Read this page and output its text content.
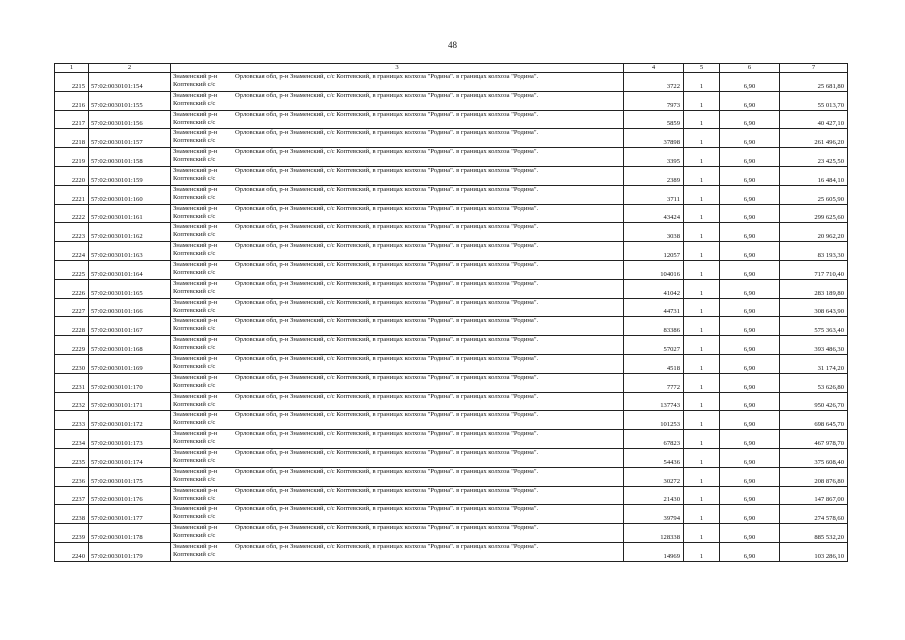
48
1	2	3	4	5	6	7
2215	57:02:0030101:154	Знаменский р-н Орловская обл, р-н Знаменский, с/с Коптевский, в границах колхоза "Родина". в границах колхоза "Родина".
Коптевский с/с	3722	1	6,90	25 681,80
2216	57:02:0030101:155	Знаменский р-н Орловская обл, р-н Знаменский, с/с Коптевский, в границах колхоза "Родина". в границах колхоза "Родина".
Коптевский с/с	7973	1	6,90	55 013,70
2217	57:02:0030101:156	Знаменский р-н Орловская обл, р-н Знаменский, с/с Коптевский, в границах колхоза "Родина". в границах колхоза "Родина".
Коптевский с/с	5859	1	6,90	40 427,10
2218	57:02:0030101:157	Знаменский р-н Орловская обл, р-н Знаменский, с/с Коптевский, в границах колхоза "Родина". в границах колхоза "Родина".
Коптевский с/с	37898	1	6,90	261 496,20
2219	57:02:0030101:158	Знаменский р-н Орловская обл, р-н Знаменский, с/с Коптевский, в границах колхоза "Родина". в границах колхоза "Родина".
Коптевский с/с	3395	1	6,90	23 425,50
2220	57:02:0030101:159	Знаменский р-н Орловская обл, р-н Знаменский, с/с Коптевский, в границах колхоза "Родина". в границах колхоза "Родина".
Коптевский с/с	2389	1	6,90	16 484,10
2221	57:02:0030101:160	Знаменский р-н Орловская обл, р-н Знаменский, с/с Коптевский, в границах колхоза "Родина". в границах колхоза "Родина".
Коптевский с/с	3711	1	6,90	25 605,90
2222	57:02:0030101:161	Знаменский р-н Орловская обл, р-н Знаменский, с/с Коптевский, в границах колхоза "Родина". в границах колхоза "Родина".
Коптевский с/с	43424	1	6,90	299 625,60
2223	57:02:0030101:162	Знаменский р-н Орловская обл, р-н Знаменский, с/с Коптевский, в границах колхоза "Родина". в границах колхоза "Родина".
Коптевский с/с	3038	1	6,90	20 962,20
2224	57:02:0030101:163	Знаменский р-н Орловская обл, р-н Знаменский, с/с Коптевский, в границах колхоза "Родина". в границах колхоза "Родина".
Коптевский с/с	12057	1	6,90	83 193,30
2225	57:02:0030101:164	Знаменский р-н Орловская обл, р-н Знаменский, с/с Коптевский, в границах колхоза "Родина". в границах колхоза "Родина".
Коптевский с/с	104016	1	6,90	717 710,40
2226	57:02:0030101:165	Знаменский р-н Орловская обл, р-н Знаменский, с/с Коптевский, в границах колхоза "Родина". в границах колхоза "Родина".
Коптевский с/с	41042	1	6,90	283 189,80
2227	57:02:0030101:166	Знаменский р-н Орловская обл, р-н Знаменский, с/с Коптевский, в границах колхоза "Родина". в границах колхоза "Родина".
Коптевский с/с	44731	1	6,90	308 643,90
2228	57:02:0030101:167	Знаменский р-н Орловская обл, р-н Знаменский, с/с Коптевский, в границах колхоза "Родина". в границах колхоза "Родина".
Коптевский с/с	83386	1	6,90	575 363,40
2229	57:02:0030101:168	Знаменский р-н Орловская обл, р-н Знаменский, с/с Коптевский, в границах колхоза "Родина". в границах колхоза "Родина".
Коптевский с/с	57027	1	6,90	393 486,30
2230	57:02:0030101:169	Знаменский р-н Орловская обл, р-н Знаменский, с/с Коптевский, в границах колхоза "Родина". в границах колхоза "Родина".
Коптевский с/с	4518	1	6,90	31 174,20
2231	57:02:0030101:170	Знаменский р-н Орловская обл, р-н Знаменский, с/с Коптевский, в границах колхоза "Родина". в границах колхоза "Родина".
Коптевский с/с	7772	1	6,90	53 626,80
2232	57:02:0030101:171	Знаменский р-н Орловская обл, р-н Знаменский, с/с Коптевский, в границах колхоза "Родина". в границах колхоза "Родина".
Коптевский с/с	137743	1	6,90	950 426,70
2233	57:02:0030101:172	Знаменский р-н Орловская обл, р-н Знаменский, с/с Коптевский, в границах колхоза "Родина". в границах колхоза "Родина".
Коптевский с/с	101253	1	6,90	698 645,70
2234	57:02:0030101:173	Знаменский р-н Орловская обл, р-н Знаменский, с/с Коптевский, в границах колхоза "Родина". в границах колхоза "Родина".
Коптевский с/с	67823	1	6,90	467 978,70
2235	57:02:0030101:174	Знаменский р-н Орловская обл, р-н Знаменский, с/с Коптевский, в границах колхоза "Родина". в границах колхоза "Родина".
Коптевский с/с	54436	1	6,90	375 608,40
2236	57:02:0030101:175	Знаменский р-н Орловская обл, р-н Знаменский, с/с Коптевский, в границах колхоза "Родина". в границах колхоза "Родина".
Коптевский с/с	30272	1	6,90	208 876,80
2237	57:02:0030101:176	Знаменский р-н Орловская обл, р-н Знаменский, с/с Коптевский, в границах колхоза "Родина". в границах колхоза "Родина".
Коптевский с/с	21430	1	6,90	147 867,00
2238	57:02:0030101:177	Знаменский р-н Орловская обл, р-н Знаменский, с/с Коптевский, в границах колхоза "Родина". в границах колхоза "Родина".
Коптевский с/с	39794	1	6,90	274 578,60
2239	57:02:0030101:178	Знаменский р-н Орловская обл, р-н Знаменский, с/с Коптевский, в границах колхоза "Родина". в границах колхоза "Родина".
Коптевский с/с	128338	1	6,90	885 532,20
2240	57:02:0030101:179	Знаменский р-н Орловская обл, р-н Знаменский, с/с Коптевский, в границах колхоза "Родина". в границах колхоза "Родина".
Коптевский с/с	14969	1	6,90	103 286,10
